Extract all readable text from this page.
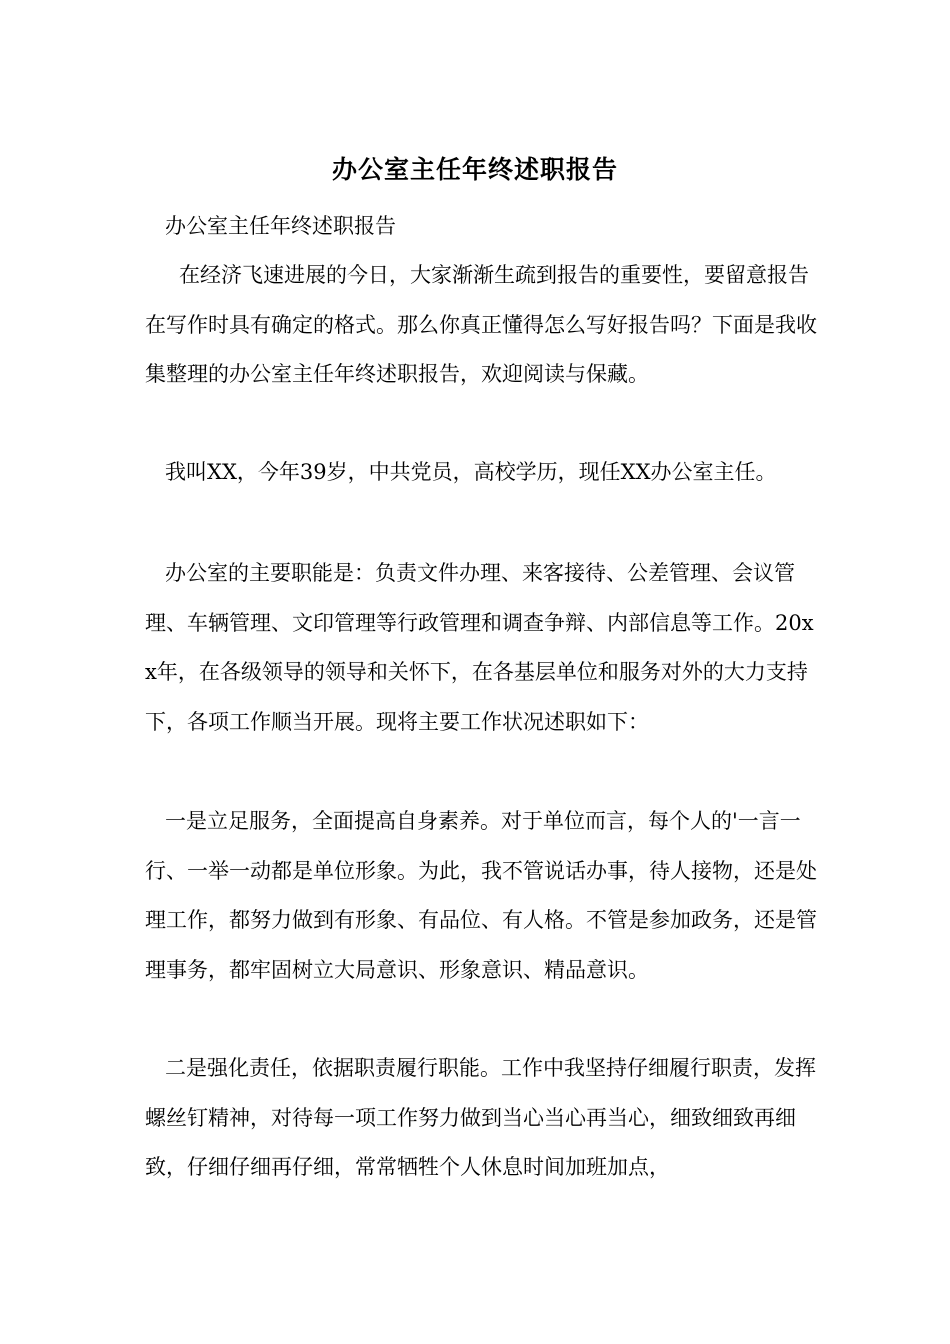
办公室主任年终述职报告

办公室主任年终述职报告

在经济飞速进展的今日，大家渐渐生疏到报告的重要性，要留意报告在写作时具有确定的格式。那么你真正懂得怎么写好报告吗？下面是我收集整理的办公室主任年终述职报告，欢迎阅读与保藏。

我叫XX，今年39岁，中共党员，高校学历，现任XX办公室主任。

办公室的主要职能是：负责文件办理、来客接待、公差管理、会议管理、车辆管理、文印管理等行政管理和调查争辩、内部信息等工作。20xx年，在各级领导的领导和关怀下，在各基层单位和服务对外的大力支持下，各项工作顺当开展。现将主要工作状况述职如下：

一是立足服务，全面提高自身素养。对于单位而言，每个人的'一言一行、一举一动都是单位形象。为此，我不管说话办事，待人接物，还是处理工作，都努力做到有形象、有品位、有人格。不管是参加政务，还是管理事务，都牢固树立大局意识、形象意识、精品意识。

二是强化责任，依据职责履行职能。工作中我坚持仔细履行职责，发挥螺丝钉精神，对待每一项工作努力做到当心当心再当心，细致细致再细致，仔细仔细再仔细，常常牺牲个人休息时间加班加点，
